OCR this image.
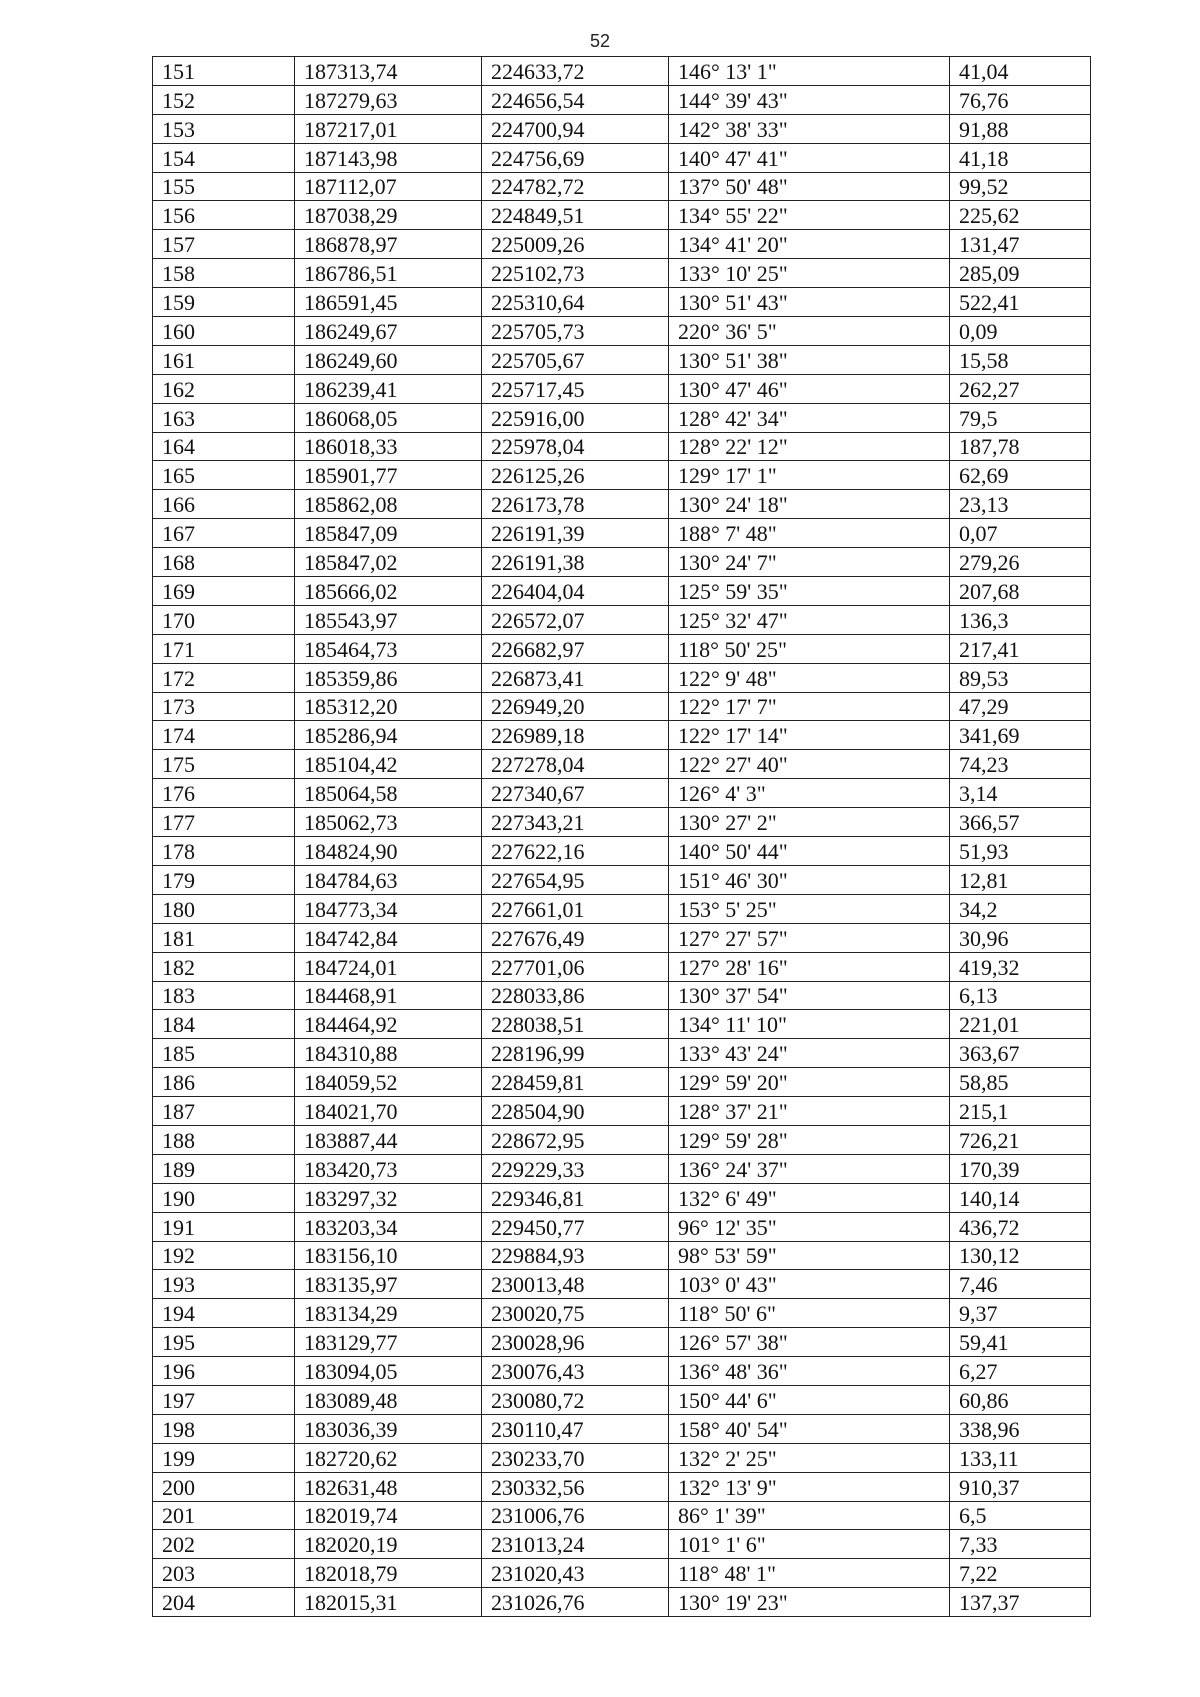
52
151	187313,74	224633,72	146° 13' 1"	41,04
152	187279,63	224656,54	144° 39' 43"	76,76
153	187217,01	224700,94	142° 38' 33"	91,88
154	187143,98	224756,69	140° 47' 41"	41,18
155	187112,07	224782,72	137° 50' 48"	99,52
156	187038,29	224849,51	134° 55' 22"	225,62
157	186878,97	225009,26	134° 41' 20"	131,47
158	186786,51	225102,73	133° 10' 25"	285,09
159	186591,45	225310,64	130° 51' 43"	522,41
160	186249,67	225705,73	220° 36' 5"	0,09
161	186249,60	225705,67	130° 51' 38"	15,58
162	186239,41	225717,45	130° 47' 46"	262,27
163	186068,05	225916,00	128° 42' 34"	79,5
164	186018,33	225978,04	128° 22' 12"	187,78
165	185901,77	226125,26	129° 17' 1"	62,69
166	185862,08	226173,78	130° 24' 18"	23,13
167	185847,09	226191,39	188° 7' 48"	0,07
168	185847,02	226191,38	130° 24' 7"	279,26
169	185666,02	226404,04	125° 59' 35"	207,68
170	185543,97	226572,07	125° 32' 47"	136,3
171	185464,73	226682,97	118° 50' 25"	217,41
172	185359,86	226873,41	122° 9' 48"	89,53
173	185312,20	226949,20	122° 17' 7"	47,29
174	185286,94	226989,18	122° 17' 14"	341,69
175	185104,42	227278,04	122° 27' 40"	74,23
176	185064,58	227340,67	126° 4' 3"	3,14
177	185062,73	227343,21	130° 27' 2"	366,57
178	184824,90	227622,16	140° 50' 44"	51,93
179	184784,63	227654,95	151° 46' 30"	12,81
180	184773,34	227661,01	153° 5' 25"	34,2
181	184742,84	227676,49	127° 27' 57"	30,96
182	184724,01	227701,06	127° 28' 16"	419,32
183	184468,91	228033,86	130° 37' 54"	6,13
184	184464,92	228038,51	134° 11' 10"	221,01
185	184310,88	228196,99	133° 43' 24"	363,67
186	184059,52	228459,81	129° 59' 20"	58,85
187	184021,70	228504,90	128° 37' 21"	215,1
188	183887,44	228672,95	129° 59' 28"	726,21
189	183420,73	229229,33	136° 24' 37"	170,39
190	183297,32	229346,81	132° 6' 49"	140,14
191	183203,34	229450,77	96° 12' 35"	436,72
192	183156,10	229884,93	98° 53' 59"	130,12
193	183135,97	230013,48	103° 0' 43"	7,46
194	183134,29	230020,75	118° 50' 6"	9,37
195	183129,77	230028,96	126° 57' 38"	59,41
196	183094,05	230076,43	136° 48' 36"	6,27
197	183089,48	230080,72	150° 44' 6"	60,86
198	183036,39	230110,47	158° 40' 54"	338,96
199	182720,62	230233,70	132° 2' 25"	133,11
200	182631,48	230332,56	132° 13' 9"	910,37
201	182019,74	231006,76	86° 1' 39"	6,5
202	182020,19	231013,24	101° 1' 6"	7,33
203	182018,79	231020,43	118° 48' 1"	7,22
204	182015,31	231026,76	130° 19' 23"	137,37
